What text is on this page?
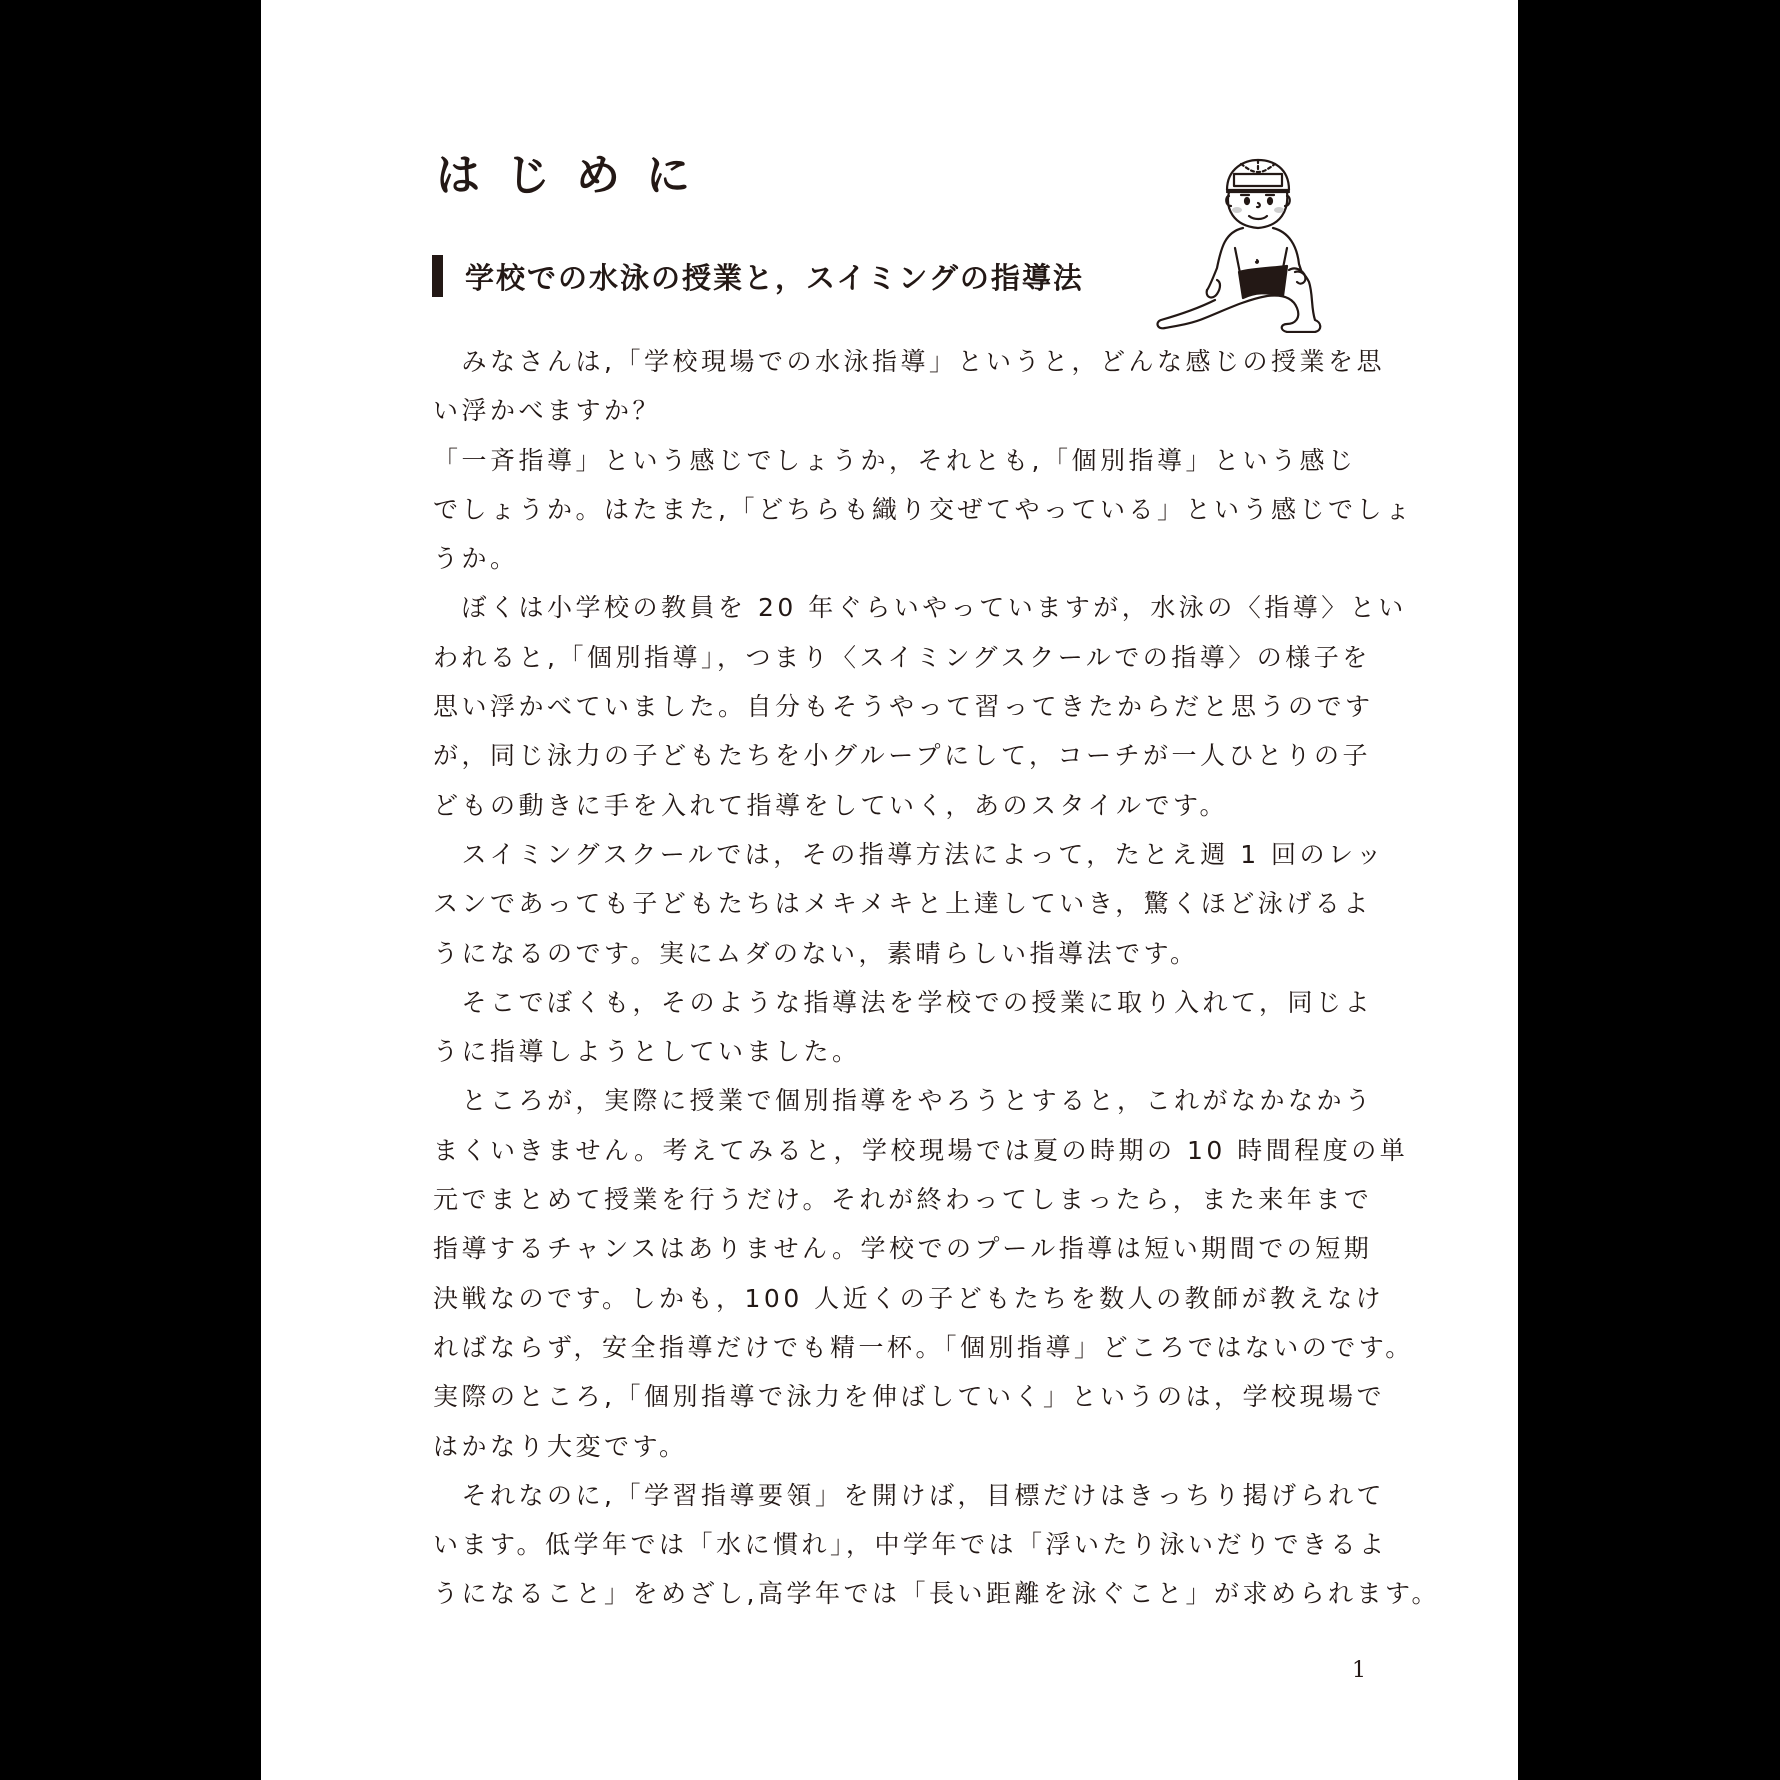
はじめに
学校での水泳の授業と，スイミングの指導法
　みなさんは,「学校現場での水泳指導」というと，どんな感じの授業を思
い浮かべますか？
「一斉指導」という感じでしょうか，それとも,「個別指導」という感じ
でしょうか。はたまた,「どちらも織り交ぜてやっている」という感じでしょ
うか。
　ぼくは小学校の教員を 20 年ぐらいやっていますが，水泳の〈指導〉とい
われると,「個別指導」，つまり〈スイミングスクールでの指導〉の様子を
思い浮かべていました。自分もそうやって習ってきたからだと思うのです
が，同じ泳力の子どもたちを小グループにして，コーチが一人ひとりの子
どもの動きに手を入れて指導をしていく，あのスタイルです。
　スイミングスクールでは，その指導方法によって，たとえ週 1 回のレッ
スンであっても子どもたちはメキメキと上達していき，驚くほど泳げるよ
うになるのです。実にムダのない，素晴らしい指導法です。
　そこでぼくも，そのような指導法を学校での授業に取り入れて，同じよ
うに指導しようとしていました。
　ところが，実際に授業で個別指導をやろうとすると，これがなかなかう
まくいきません。考えてみると，学校現場では夏の時期の 10 時間程度の単
元でまとめて授業を行うだけ。それが終わってしまったら，また来年まで
指導するチャンスはありません。学校でのプール指導は短い期間での短期
決戦なのです。しかも，100 人近くの子どもたちを数人の教師が教えなけ
ればならず，安全指導だけでも精一杯。「個別指導」どころではないのです。
実際のところ,「個別指導で泳力を伸ばしていく」というのは，学校現場で
はかなり大変です。
　それなのに,「学習指導要領」を開けば，目標だけはきっちり掲げられて
います。低学年では「水に慣れ」，中学年では「浮いたり泳いだりできるよ
うになること」をめざし,高学年では「長い距離を泳ぐこと」が求められます。
1
